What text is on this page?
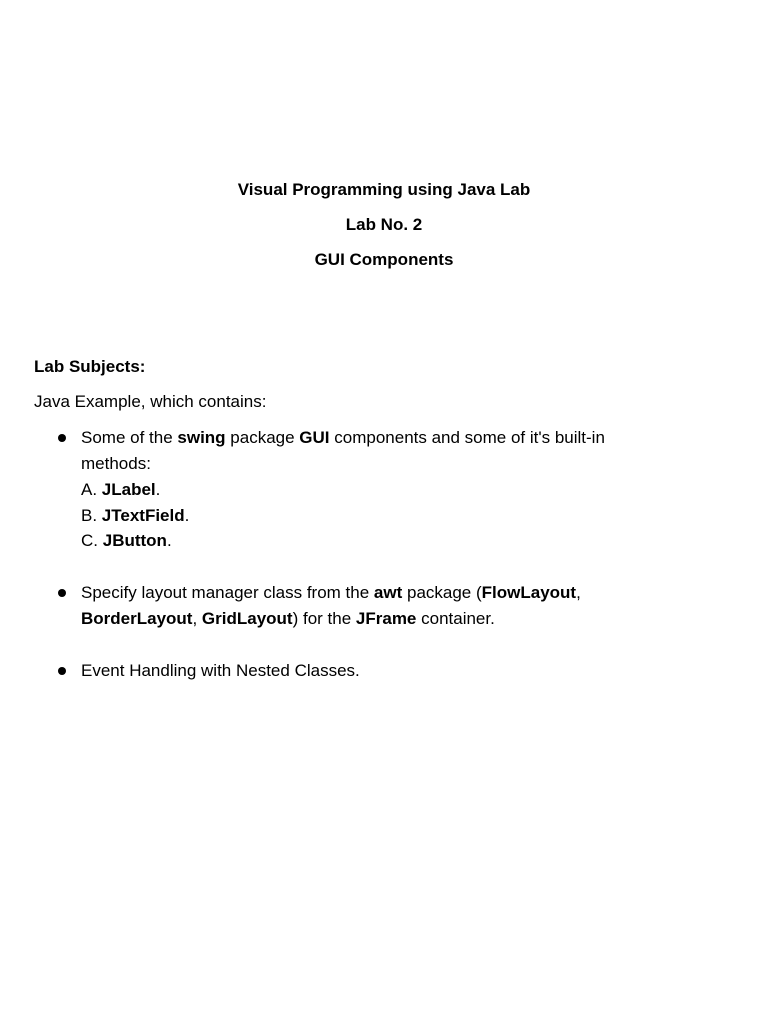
Visual Programming using Java Lab
Lab No. 2
GUI Components
Lab Subjects:
Java Example, which contains:
Some of the swing package GUI components and some of it's built-in
methods:
A. JLabel.
B. JTextField.
C. JButton.
Specify layout manager class from the awt package (FlowLayout,
BorderLayout, GridLayout) for the JFrame container.
Event Handling with Nested Classes.
